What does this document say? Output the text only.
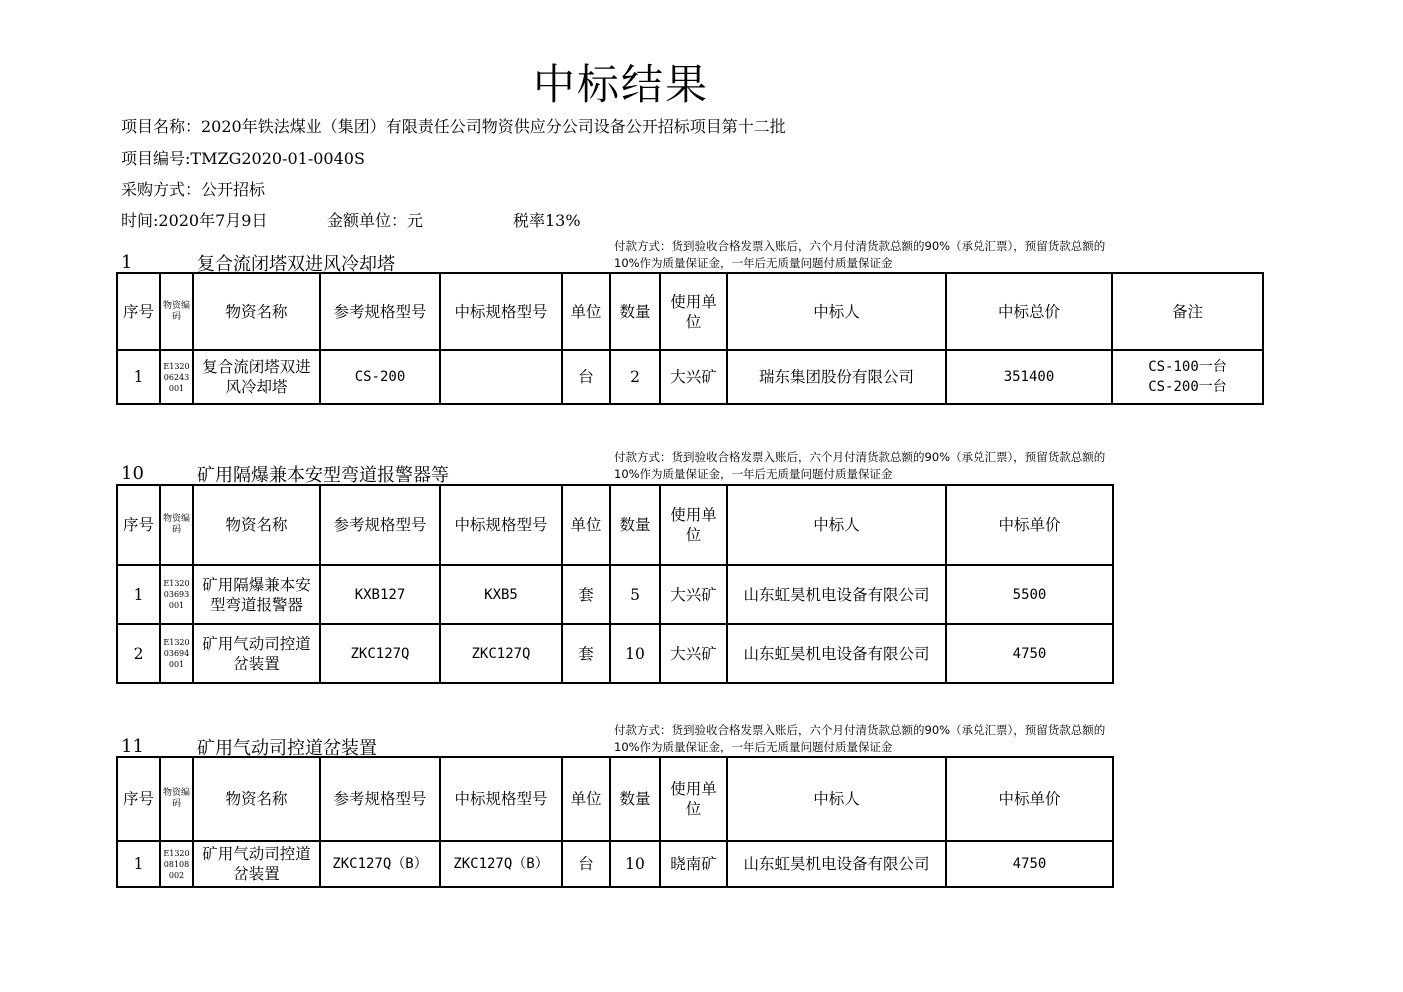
中标结果
项目名称：2020年铁法煤业（集团）有限责任公司物资供应分公司设备公开招标项目第十二批
项目编号:TMZG2020-01-0040S
采购方式：公开招标
时间:2020年7月9日	金额单位：元	税率13%
1	复合流闭塔双进风冷却塔
付款方式：货到验收合格发票入账后，六个月付清货款总额的90%（承兑汇票），预留货款总额的10%作为质量保证金，一年后无质量问题付质量保证金
序号	物资编码	物资名称	参考规格型号	中标规格型号	单位	数量	使用单位	中标人	中标总价	备注
1	E1320 06243 001	复合流闭塔双进风冷却塔	CS-200		台	2	大兴矿	瑞东集团股份有限公司	351400	CS-100一台
CS-200一台
10	矿用隔爆兼本安型弯道报警器等
付款方式：货到验收合格发票入账后，六个月付清货款总额的90%（承兑汇票），预留货款总额的10%作为质量保证金，一年后无质量问题付质量保证金
序号	物资编码	物资名称	参考规格型号	中标规格型号	单位	数量	使用单位	中标人	中标单价
1	E1320 03693 001	矿用隔爆兼本安型弯道报警器	KXB127	KXB5	套	5	大兴矿	山东虹昊机电设备有限公司	5500
2	E1320 03694 001	矿用气动司控道岔装置	ZKC127Q	ZKC127Q	套	10	大兴矿	山东虹昊机电设备有限公司	4750
11	矿用气动司控道岔装置
付款方式：货到验收合格发票入账后，六个月付清货款总额的90%（承兑汇票），预留货款总额的10%作为质量保证金，一年后无质量问题付质量保证金
序号	物资编码	物资名称	参考规格型号	中标规格型号	单位	数量	使用单位	中标人	中标单价
1	E1320 08108 002	矿用气动司控道岔装置	ZKC127Q（B）	ZKC127Q（B）	台	10	晓南矿	山东虹昊机电设备有限公司	4750
